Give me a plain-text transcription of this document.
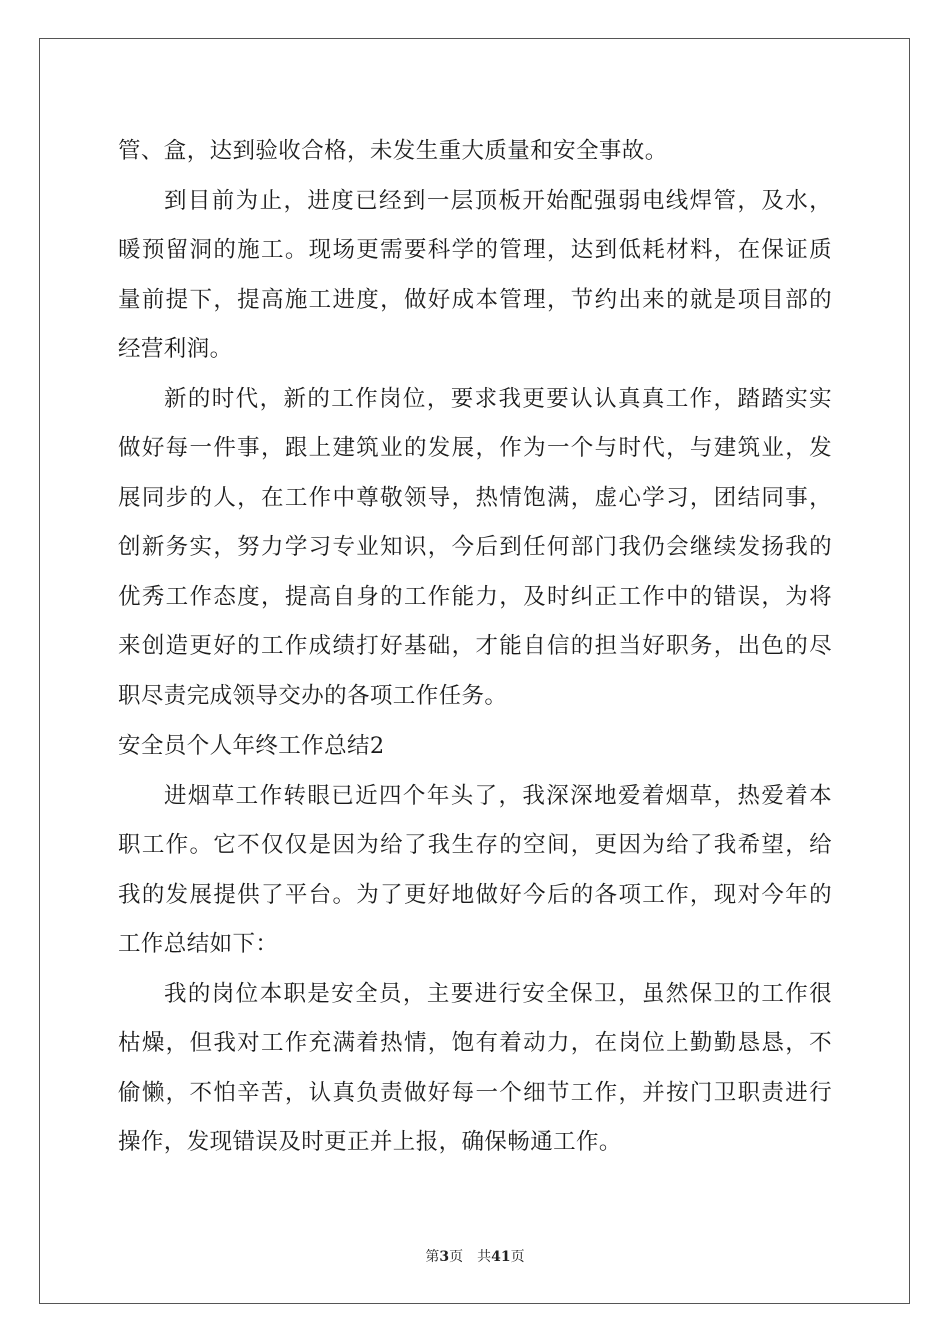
管、盒，达到验收合格，未发生重大质量和安全事故。
到目前为止，进度已经到一层顶板开始配强弱电线焊管，及水，
暖预留洞的施工。现场更需要科学的管理，达到低耗材料，在保证质
量前提下，提高施工进度，做好成本管理，节约出来的就是项目部的
经营利润。
新的时代，新的工作岗位，要求我更要认认真真工作，踏踏实实
做好每一件事，跟上建筑业的发展，作为一个与时代，与建筑业，发
展同步的人，在工作中尊敬领导，热情饱满，虚心学习，团结同事，
创新务实，努力学习专业知识，今后到任何部门我仍会继续发扬我的
优秀工作态度，提高自身的工作能力，及时纠正工作中的错误，为将
来创造更好的工作成绩打好基础，才能自信的担当好职务，出色的尽
职尽责完成领导交办的各项工作任务。
安全员个人年终工作总结2
进烟草工作转眼已近四个年头了，我深深地爱着烟草，热爱着本
职工作。它不仅仅是因为给了我生存的空间，更因为给了我希望，给
我的发展提供了平台。为了更好地做好今后的各项工作，现对今年的
工作总结如下：
我的岗位本职是安全员，主要进行安全保卫，虽然保卫的工作很
枯燥，但我对工作充满着热情，饱有着动力，在岗位上勤勤恳恳，不
偷懒，不怕辛苦，认真负责做好每一个细节工作，并按门卫职责进行
操作，发现错误及时更正并上报，确保畅通工作。
第3页 共41页
